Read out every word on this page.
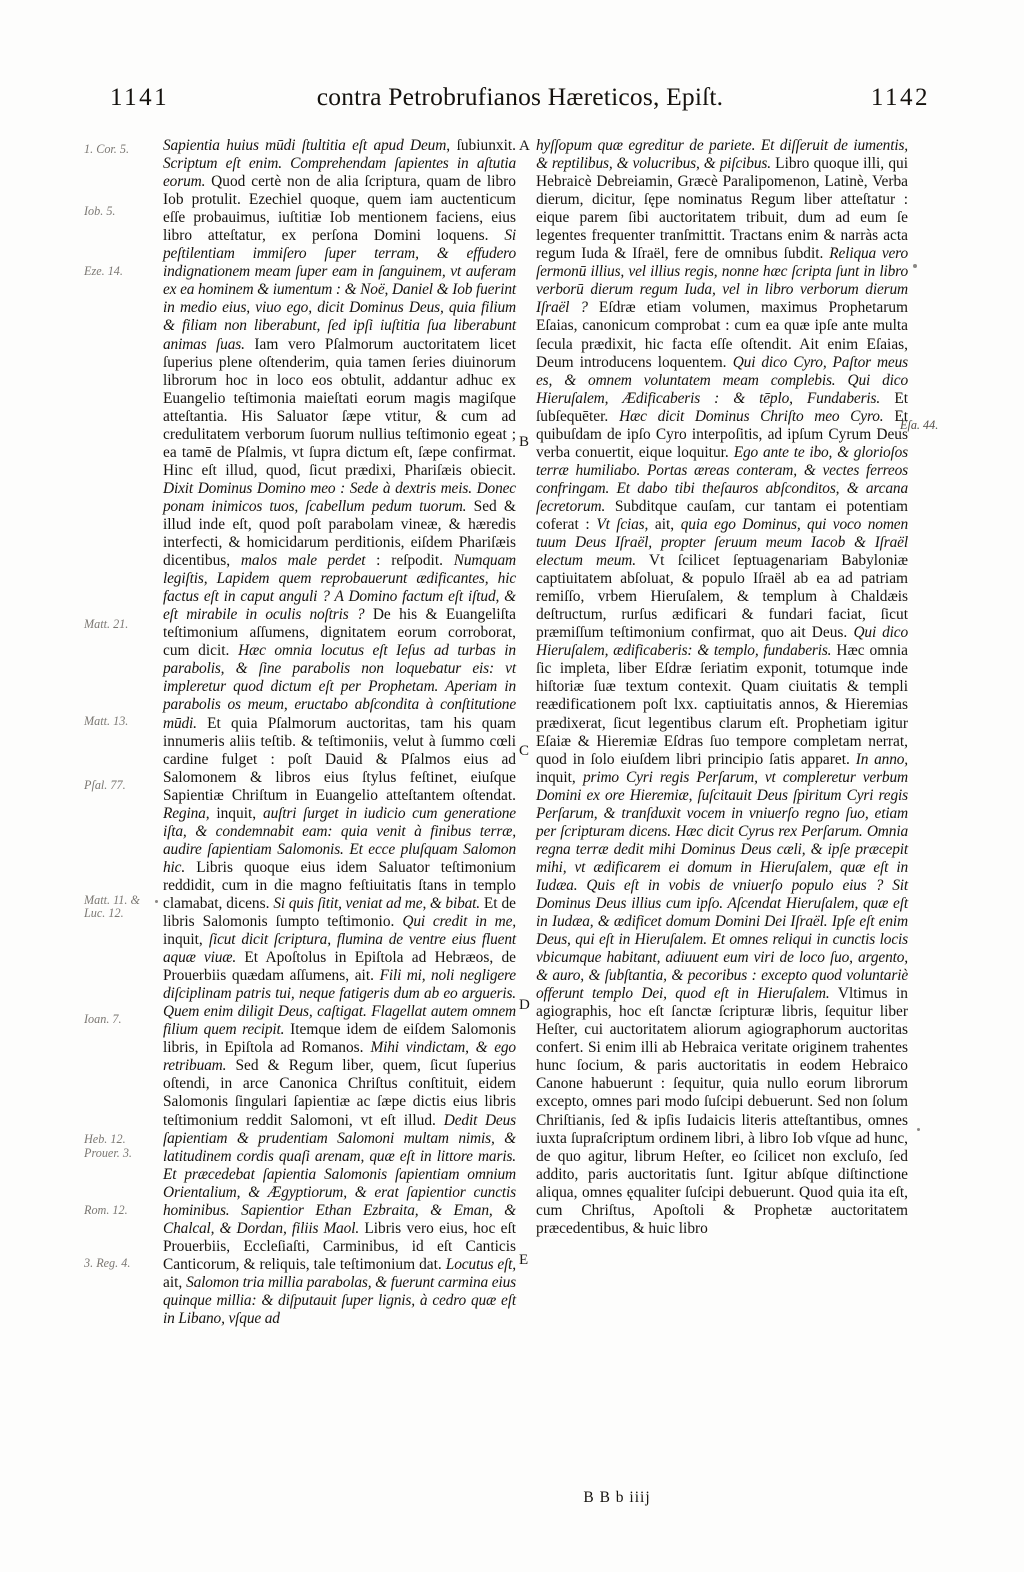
1141	contra Petrobrufianos Hæreticos, Epiſt.	1142

Sapientia huius mūdi ſtultitia eſt apud Deum, ſubiunxit. Scriptum eſt enim. Comprehendam ſapientes in aſtutia eorum. Quod certè non de alia ſcriptura, quam de libro Iob protulit. Ezechiel quoque, quem iam auctenticum eſſe probauimus, iuſtitiæ Iob mentionem faciens, eius libro atteſtatur, ex perſona Domini loquens. Si peſtilentiam immiſero ſuper terram, & effudero indignationem meam ſuper eam in ſanguinem, vt auferam ex ea hominem & iumentum : & Noë, Daniel & Iob fuerint in medio eius, viuo ego, dicit Dominus Deus, quia filium & filiam non liberabunt, ſed ipſi iuſtitia ſua liberabunt animas ſuas. Iam vero Pſalmorum auctoritatem licet ſuperius plene oſtenderim, quia tamen ſeries diuinorum librorum hoc in loco eos obtulit, addantur adhuc ex Euangelio teſtimonia maieſtati eorum magis magiſque atteſtantia. His Saluator ſæpe vtitur, & cum ad credulitatem verborum ſuorum nullius teſtimonio egeat ; ea tamē de Pſalmis, vt ſupra dictum eſt, ſæpe confirmat. Hinc eſt illud, quod, ſicut prædixi, Phariſæis obiecit. Dixit Dominus Domino meo : Sede à dextris meis. Donec ponam inimicos tuos, ſcabellum pedum tuorum. Sed & illud inde eſt, quod poſt parabolam vineæ, & hæredis interfecti, & homicidarum perditionis, eiſdem Phariſæis dicentibus, malos male perdet : reſpodit. Numquam legiſtis, Lapidem quem reprobauerunt ædificantes, hic factus eſt in caput anguli ? A Domino factum eſt iſtud, & eſt mirabile in oculis noſtris ? De his & Euangeliſta teſtimonium aſſumens, dignitatem eorum corroborat, cum dicit. Hæc omnia locutus eſt Ieſus ad turbas in parabolis, & ſine parabolis non loquebatur eis: vt impleretur quod dictum eſt per Prophetam. Aperiam in parabolis os meum, eructabo abſcondita à conſtitutione mūdi. Et quia Pſalmorum auctoritas, tam his quam innumeris aliis teſtib. & teſtimoniis, velut à ſummo cœli cardine fulget : poſt Dauid & Pſalmos eius ad Salomonem & libros eius ſtylus feſtinet, eiuſque Sapientiæ Chriſtum in Euangelio atteſtantem oſtendat. Regina, inquit, auſtri ſurget in iudicio cum generatione iſta, & condemnabit eam: quia venit à finibus terræ, audire ſapientiam Salomonis. Et ecce pluſquam Salomon hic. Libris quoque eius idem Saluator teſtimonium reddidit, cum in die magno feſtiuitatis ſtans in templo clamabat, dicens. Si quis ſitit, veniat ad me, & bibat. Et de libris Salomonis ſumpto teſtimonio. Qui credit in me, inquit, ſicut dicit ſcriptura, flumina de ventre eius fluent aquæ viuæ. Et Apoſtolus in Epiſtola ad Hebræos, de Prouerbiis quædam aſſumens, ait. Fili mi, noli negligere diſciplinam patris tui, neque fatigeris dum ab eo argueris. Quem enim diligit Deus, caſtigat. Flagellat autem omnem filium quem recipit. Itemque idem de eiſdem Salomonis libris, in Epiſtola ad Romanos. Mihi vindictam, & ego retribuam. Sed & Regum liber, quem, ſicut ſuperius oſtendi, in arce Canonica Chriſtus conſtituit, eidem Salomonis ſingulari ſapientiæ ac ſæpe dictis eius libris teſtimonium reddit Salomoni, vt eſt illud. Dedit Deus ſapientiam & prudentiam Salomoni multam nimis, & latitudinem cordis quaſi arenam, quæ eſt in littore maris. Et præcedebat ſapientia Salomonis ſapientiam omnium Orientalium, & Ægyptiorum, & erat ſapientior cunctis hominibus. Sapientior Ethan Ezbraita, & Eman, & Chalcal, & Dordan, filiis Maol. Libris vero eius, hoc eſt Prouerbiis, Eccleſiaſti, Carminibus, id eſt Canticis Canticorum, & reliquis, tale teſtimonium dat. Locutus eſt, ait, Salomon tria millia parabolas, & fuerunt carmina eius quinque millia: & diſputauit ſuper lignis, à cedro quæ eſt in Libano, vſque ad

hyſſopum quæ egreditur de pariete. Et diſſeruit de iumentis, & reptilibus, & volucribus, & piſcibus. Libro quoque illi, qui Hebraicè Debreiamin, Græcè Paralipomenon, Latinè, Verba dierum, dicitur, ſępe nominatus Regum liber atteſtatur : eique parem ſibi auctoritatem tribuit, dum ad eum ſe legentes frequenter tranſmittit. Tractans enim & narràs acta regum Iuda & Iſraël, fere de omnibus ſubdit. Reliqua vero ſermonū illius, vel illius regis, nonne hæc ſcripta ſunt in libro verborū dierum regum Iuda, vel in libro verborum dierum Iſraël ? Eſdræ etiam volumen, maximus Prophetarum Eſaias, canonicum comprobat : cum ea quæ ipſe ante multa ſecula prædixit, hic facta eſſe oſtendit. Ait enim Eſaias, Deum introducens loquentem. Qui dico Cyro, Paſtor meus es, & omnem voluntatem meam complebis. Qui dico Hieruſalem, Ædificaberis : & tēplo, Fundaberis. Et ſubſequēter. Hæc dicit Dominus Chriſto meo Cyro. Et quibuſdam de ipſo Cyro interpoſitis, ad ipſum Cyrum Deus verba conuertit, eique loquitur. Ego ante te ibo, & glorioſos terræ humiliabo. Portas æreas conteram, & vectes ferreos confringam. Et dabo tibi theſauros abſconditos, & arcana ſecretorum. Subditque cauſam, cur tantam ei potentiam coferat : Vt ſcias, ait, quia ego Dominus, qui voco nomen tuum Deus Iſraël, propter ſeruum meum Iacob & Iſraël electum meum. Vt ſcilicet ſeptuagenariam Babyloniæ captiuitatem abſoluat, & populo Iſraël ab ea ad patriam remiſſo, vrbem Hieruſalem, & templum à Chaldæis deſtructum, rurſus ædificari & fundari faciat, ſicut præmiſſum teſtimonium confirmat, quo ait Deus. Qui dico Hieruſalem, ædificaberis: & templo, fundaberis. Hæc omnia ſic impleta, liber Eſdræ ſeriatim exponit, totumque inde hiſtoriæ ſuæ textum contexit. Quam ciuitatis & templi reædificationem poſt lxx. captiuitatis annos, & Hieremias prædixerat, ſicut legentibus clarum eſt. Prophetiam igitur Eſaiæ & Hieremiæ Eſdras ſuo tempore completam nerrat, quod in ſolo eiuſdem libri principio ſatis apparet. In anno, inquit, primo Cyri regis Perſarum, vt compleretur verbum Domini ex ore Hieremiæ, ſuſcitauit Deus ſpiritum Cyri regis Perſarum, & tranſduxit vocem in vniuerſo regno ſuo, etiam per ſcripturam dicens. Hæc dicit Cyrus rex Perſarum. Omnia regna terræ dedit mihi Dominus Deus cæli, & ipſe præcepit mihi, vt ædificarem ei domum in Hieruſalem, quæ eſt in Iudæa. Quis eſt in vobis de vniuerſo populo eius ? Sit Dominus Deus illius cum ipſo. Aſcendat Hieruſalem, quæ eſt in Iudæa, & ædificet domum Domini Dei Iſraël. Ipſe eſt enim Deus, qui eſt in Hieruſalem. Et omnes reliqui in cunctis locis vbicumque habitant, adiuuent eum viri de loco ſuo, argento, & auro, & ſubſtantia, & pecoribus : excepto quod voluntariè offerunt templo Dei, quod eſt in Hieruſalem. Vltimus in agiographis, hoc eſt ſanctæ ſcripturæ libris, ſequitur liber Heſter, cui auctoritatem aliorum agiographorum auctoritas confert. Si enim illi ab Hebraica veritate originem trahentes hunc ſocium, & paris auctoritatis in eodem Hebraico Canone habuerunt : ſequitur, quia nullo eorum librorum excepto, omnes pari modo ſuſcipi debuerunt. Sed non ſolum Chriſtianis, ſed & ipſis Iudaicis literis atteſtantibus, omnes iuxta ſupraſcriptum ordinem libri, à libro Iob vſque ad hunc, de quo agitur, librum Heſter, eo ſcilicet non excluſo, ſed addito, paris auctoritatis ſunt. Igitur abſque diſtinctione aliqua, omnes ęqualiter ſuſcipi debuerunt. Quod quia ita eſt, cum Chriſtus, Apoſtoli & Prophetæ auctoritatem præcedentibus, & huic libro

1. Cor. 5.
Iob. 5.
Eze. 14.
Matt. 21.
Matt. 13.
Pſal. 77.
Matt. 11. &
Luc. 12.
Ioan. 7.
Heb. 12.
Prouer. 3.
Rom. 12.
3. Reg. 4.
Eſa. 44.
A
B
C
D
E
B B b iiij
